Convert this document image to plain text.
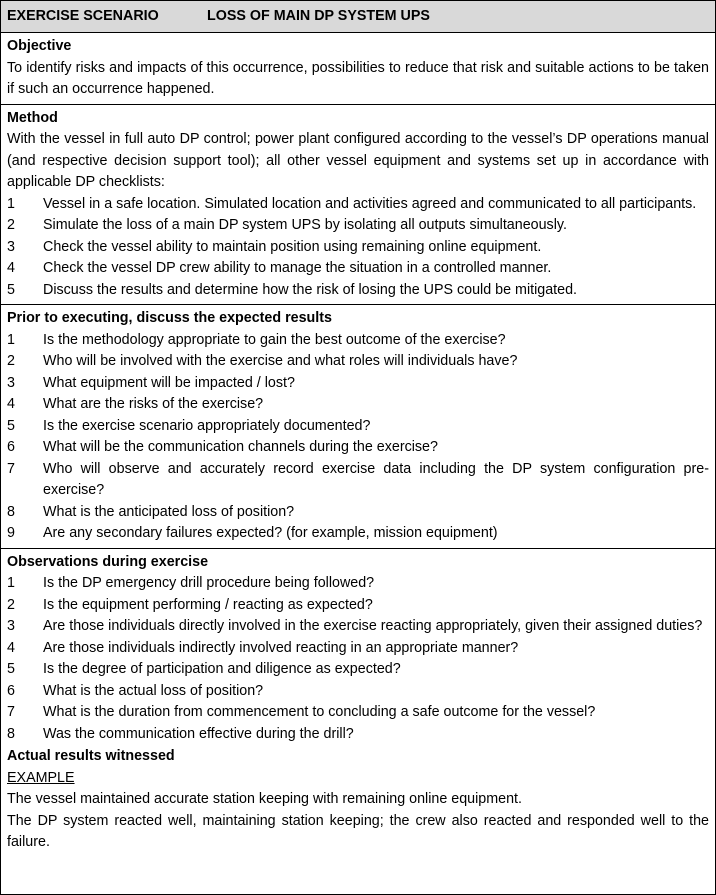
EXERCISE SCENARIO	LOSS OF MAIN DP SYSTEM UPS
Objective
To identify risks and impacts of this occurrence, possibilities to reduce that risk and suitable actions to be taken if such an occurrence happened.
Method
With the vessel in full auto DP control; power plant configured according to the vessel’s DP operations manual (and respective decision support tool); all other vessel equipment and systems set up in accordance with applicable DP checklists:
1	Vessel in a safe location. Simulated location and activities agreed and communicated to all participants.
2	Simulate the loss of a main DP system UPS by isolating all outputs simultaneously.
3	Check the vessel ability to maintain position using remaining online equipment.
4	Check the vessel DP crew ability to manage the situation in a controlled manner.
5	Discuss the results and determine how the risk of losing the UPS could be mitigated.
Prior to executing, discuss the expected results
1	Is the methodology appropriate to gain the best outcome of the exercise?
2	Who will be involved with the exercise and what roles will individuals have?
3	What equipment will be impacted / lost?
4	What are the risks of the exercise?
5	Is the exercise scenario appropriately documented?
6	What will be the communication channels during the exercise?
7	Who will observe and accurately record exercise data including the DP system configuration pre-exercise?
8	What is the anticipated loss of position?
9	Are any secondary failures expected? (for example, mission equipment)
Observations during exercise
1	Is the DP emergency drill procedure being followed?
2	Is the equipment performing / reacting as expected?
3	Are those individuals directly involved in the exercise reacting appropriately, given their assigned duties?
4	Are those individuals indirectly involved reacting in an appropriate manner?
5	Is the degree of participation and diligence as expected?
6	What is the actual loss of position?
7	What is the duration from commencement to concluding a safe outcome for the vessel?
8	Was the communication effective during the drill?
Actual results witnessed
EXAMPLE
The vessel maintained accurate station keeping with remaining online equipment.
The DP system reacted well, maintaining station keeping; the crew also reacted and responded well to the failure.
